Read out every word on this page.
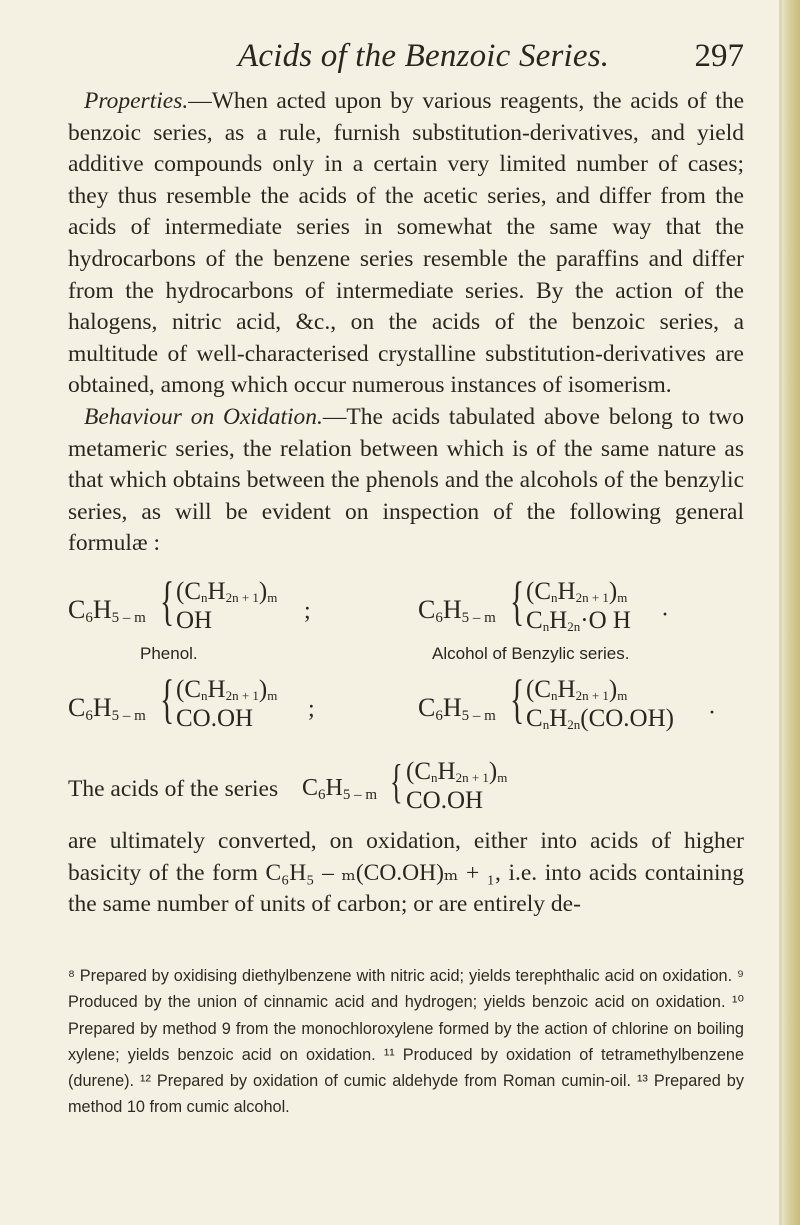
Acids of the Benzoic Series.	297

Properties.—When acted upon by various reagents, the acids of the benzoic series, as a rule, furnish substitution-derivatives, and yield additive compounds only in a certain very limited number of cases; they thus resemble the acids of the acetic series, and differ from the acids of intermediate series in somewhat the same way that the hydrocarbons of the benzene series resemble the paraffins and differ from the hydrocarbons of intermediate series. By the action of the halogens, nitric acid, &c., on the acids of the benzoic series, a multitude of well-characterised crystalline substitution-derivatives are obtained, among which occur numerous instances of isomerism.

Behaviour on Oxidation.—The acids tabulated above belong to two metameric series, the relation between which is of the same nature as that which obtains between the phenols and the alcohols of the benzylic series, as will be evident on inspection of the following general formulæ :

$C_6H_{5 - m}$ { $(C_nH_{2n + 1})_m$
OH	;
Phenol.
$C_6H_{5 - m}$ { $(C_nH_{2n + 1})_m$
$C_nH_{2n}\cdot O$ H ·
Alcohol of Benzylic series.
$C_6H_{5 - m}$ { $(C_nH_{2n + 1})_m$
CO.OH	;	$C_6H_{5 - m}$ { $(C_nH_{2n + 1})_m$
$C_nH_{2n}(CO.OH)$ ·
The acids of the series $C_6H_{5 - m}$ { $(C_nH_{2n + 1})_m$
CO.OH

are ultimately converted, on oxidation, either into acids of higher basicity of the form C₆H₅ – ₘ(CO.OH)ₘ + ₁, i.e. into acids containing the same number of units of carbon; or are entirely de-

⁸ Prepared by oxidising diethylbenzene with nitric acid; yields terephthalic acid on oxidation. ⁹ Produced by the union of cinnamic acid and hydrogen; yields benzoic acid on oxidation. ¹⁰ Prepared by method 9 from the monochloroxylene formed by the action of chlorine on boiling xylene; yields benzoic acid on oxidation. ¹¹ Produced by oxidation of tetramethylbenzene (durene). ¹² Prepared by oxidation of cumic aldehyde from Roman cumin-oil. ¹³ Prepared by method 10 from cumic alcohol.
